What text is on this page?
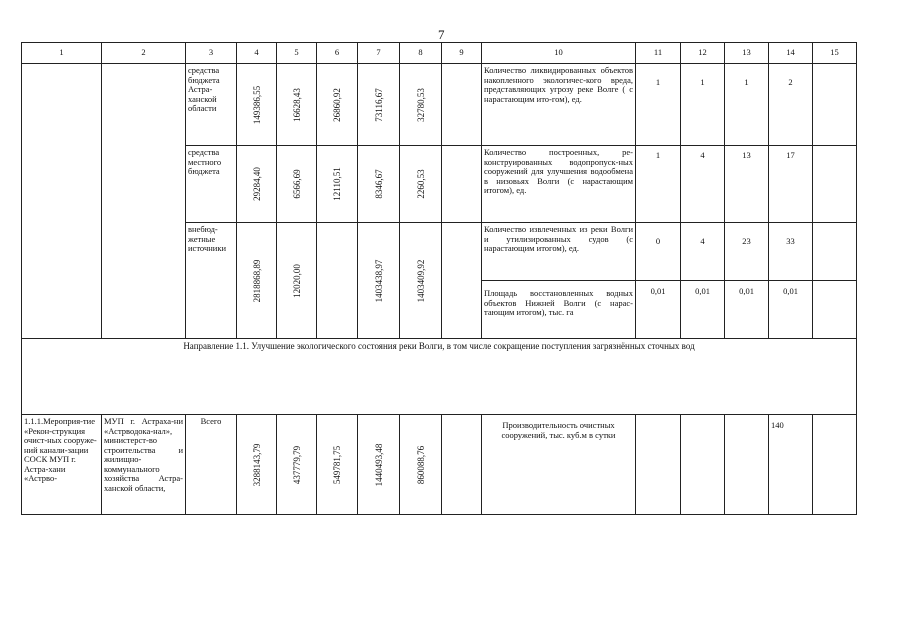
7
1	2	3	4	5	6	7	8	9	10	11	12	13	14	15
		средства бюджета Астра-ханской области	149386,55	16628,43	26860,92	73116,67	32780,53		Количество ликвидированных объектов накопленного экологичес-кого вреда, представляющих угрозу реке Волге ( с нарастающим ито-гом), ед.	1	1	1	2	
		средства местного бюджета	29284,40	6566,69	12110,51	8346,67	2260,53		Количество построенных, ре-конструированных водопропуск-ных сооружений для улучшения водообмена в низовьях Волги (с нарастающим итогом), ед.	1	4	13	17	
		внебюд-жетные источники	2818868,89	12020,00		1403438,97	1403409,92		Количество извлеченных из реки Волги и утилизированных судов (с нарастающим итогом), ед.	0	4	23	33	
									Площадь восстановленных водных объектов Нижней Волги (с нарас-тающим итогом), тыс. га	0,01	0,01	0,01	0,01	
Направление 1.1. Улучшение экологического состояния реки Волги, в том числе сокращение поступления загрязнённых сточных вод														
1.1.1.Мероприя-тие «Рекон-струкция очист-ных сооруже-ний канали-зации СОСК МУП г. Астра-хани «Астрво-	МУП г. Астраха-ни «Астрводока-нал», министерст-во строительства и жилищно-коммунального хозяйства Астра-ханской области,	Всего	3288143,79	437779,79	549781,75	1440493,48	860088,76		Производительность очистных сооружений, тыс. куб.м в сутки				140	
